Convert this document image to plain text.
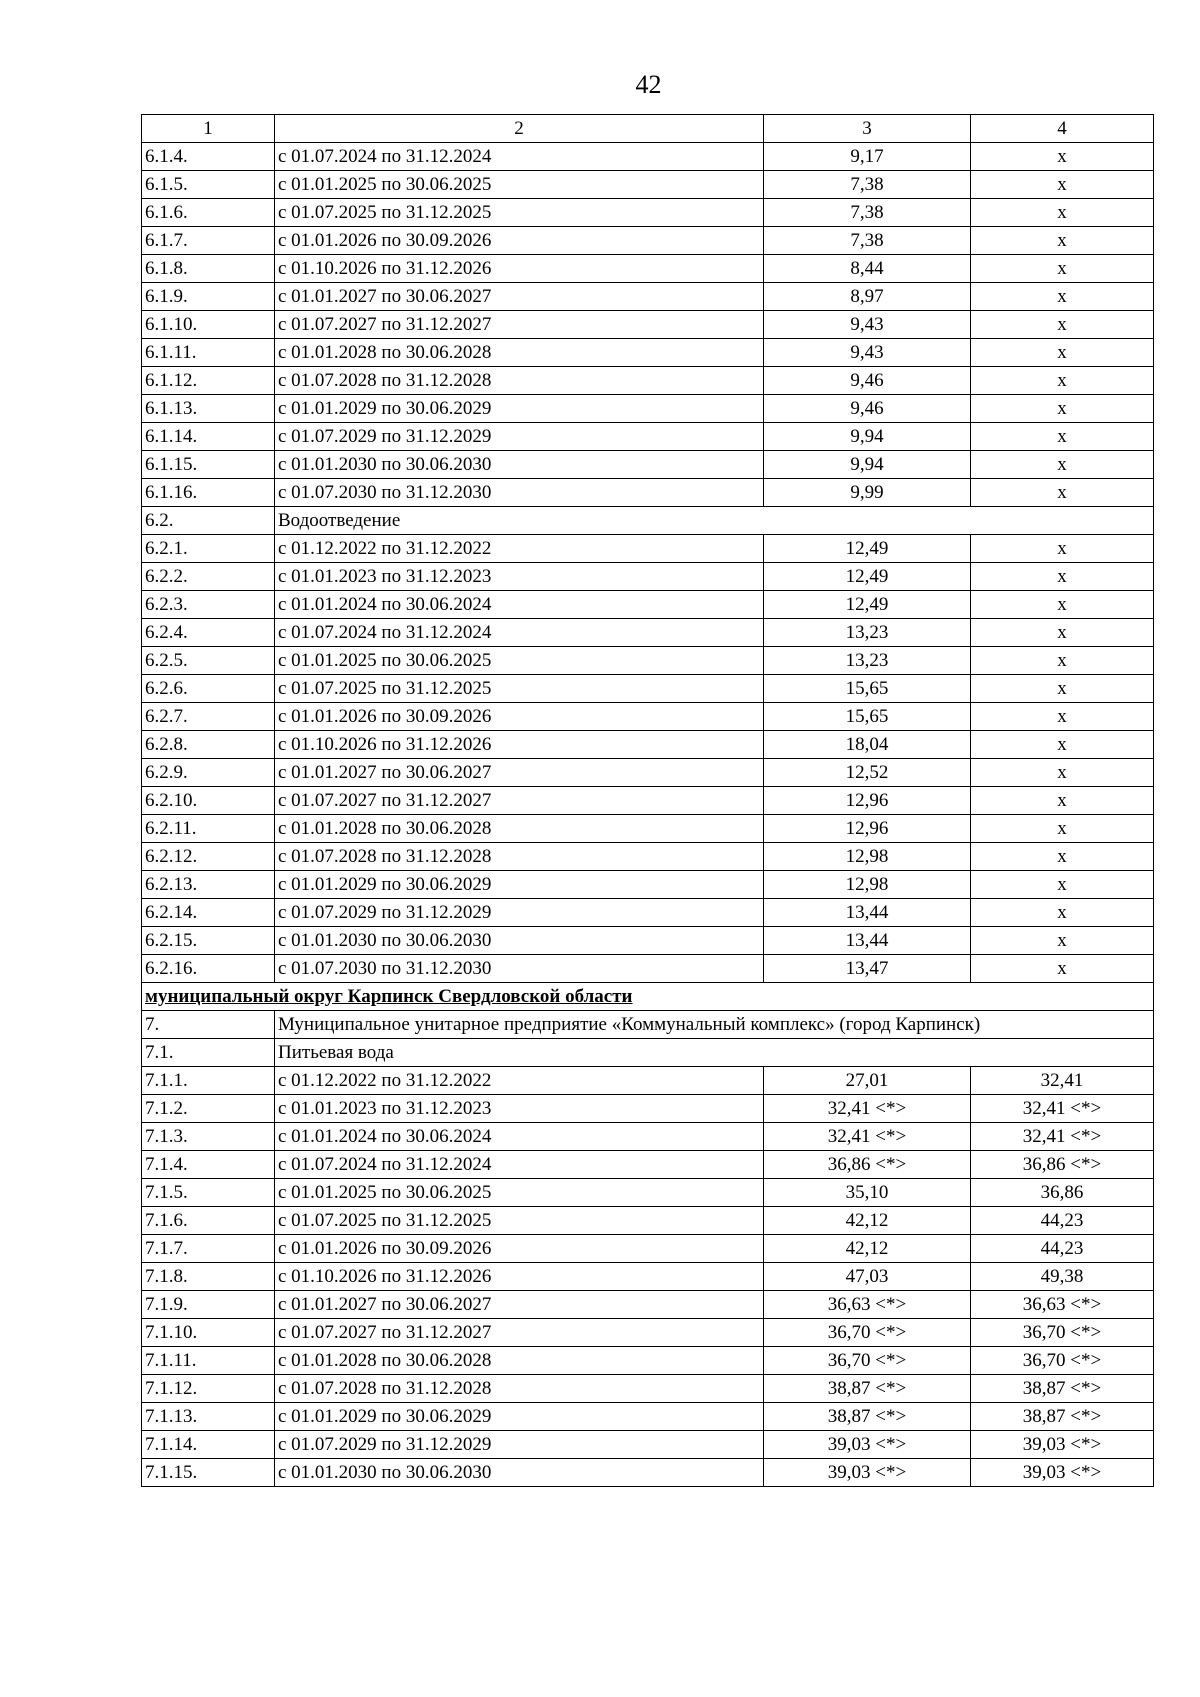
42
1	2	3	4
6.1.4.	с 01.07.2024 по 31.12.2024	9,17	х
6.1.5.	с 01.01.2025 по 30.06.2025	7,38	х
6.1.6.	с 01.07.2025 по 31.12.2025	7,38	х
6.1.7.	с 01.01.2026 по 30.09.2026	7,38	х
6.1.8.	с 01.10.2026 по 31.12.2026	8,44	х
6.1.9.	с 01.01.2027 по 30.06.2027	8,97	х
6.1.10.	с 01.07.2027 по 31.12.2027	9,43	х
6.1.11.	с 01.01.2028 по 30.06.2028	9,43	х
6.1.12.	с 01.07.2028 по 31.12.2028	9,46	х
6.1.13.	с 01.01.2029 по 30.06.2029	9,46	х
6.1.14.	с 01.07.2029 по 31.12.2029	9,94	х
6.1.15.	с 01.01.2030 по 30.06.2030	9,94	х
6.1.16.	с 01.07.2030 по 31.12.2030	9,99	х
6.2.	Водоотведение		
6.2.1.	с 01.12.2022 по 31.12.2022	12,49	х
6.2.2.	с 01.01.2023 по 31.12.2023	12,49	х
6.2.3.	с 01.01.2024 по 30.06.2024	12,49	х
6.2.4.	с 01.07.2024 по 31.12.2024	13,23	х
6.2.5.	с 01.01.2025 по 30.06.2025	13,23	х
6.2.6.	с 01.07.2025 по 31.12.2025	15,65	х
6.2.7.	с 01.01.2026 по 30.09.2026	15,65	х
6.2.8.	с 01.10.2026 по 31.12.2026	18,04	х
6.2.9.	с 01.01.2027 по 30.06.2027	12,52	х
6.2.10.	с 01.07.2027 по 31.12.2027	12,96	х
6.2.11.	с 01.01.2028 по 30.06.2028	12,96	х
6.2.12.	с 01.07.2028 по 31.12.2028	12,98	х
6.2.13.	с 01.01.2029 по 30.06.2029	12,98	х
6.2.14.	с 01.07.2029 по 31.12.2029	13,44	х
6.2.15.	с 01.01.2030 по 30.06.2030	13,44	х
6.2.16.	с 01.07.2030 по 31.12.2030	13,47	х
муниципальный округ Карпинск Свердловской области			
7.	Муниципальное унитарное предприятие «Коммунальный комплекс» (город Карпинск)		
7.1.	Питьевая вода		
7.1.1.	с 01.12.2022 по 31.12.2022	27,01	32,41
7.1.2.	с 01.01.2023 по 31.12.2023	32,41 <*>	32,41 <*>
7.1.3.	с 01.01.2024 по 30.06.2024	32,41 <*>	32,41 <*>
7.1.4.	с 01.07.2024 по 31.12.2024	36,86 <*>	36,86 <*>
7.1.5.	с 01.01.2025 по 30.06.2025	35,10	36,86
7.1.6.	с 01.07.2025 по 31.12.2025	42,12	44,23
7.1.7.	с 01.01.2026 по 30.09.2026	42,12	44,23
7.1.8.	с 01.10.2026 по 31.12.2026	47,03	49,38
7.1.9.	с 01.01.2027 по 30.06.2027	36,63 <*>	36,63 <*>
7.1.10.	с 01.07.2027 по 31.12.2027	36,70 <*>	36,70 <*>
7.1.11.	с 01.01.2028 по 30.06.2028	36,70 <*>	36,70 <*>
7.1.12.	с 01.07.2028 по 31.12.2028	38,87 <*>	38,87 <*>
7.1.13.	с 01.01.2029 по 30.06.2029	38,87 <*>	38,87 <*>
7.1.14.	с 01.07.2029 по 31.12.2029	39,03 <*>	39,03 <*>
7.1.15.	с 01.01.2030 по 30.06.2030	39,03 <*>	39,03 <*>
